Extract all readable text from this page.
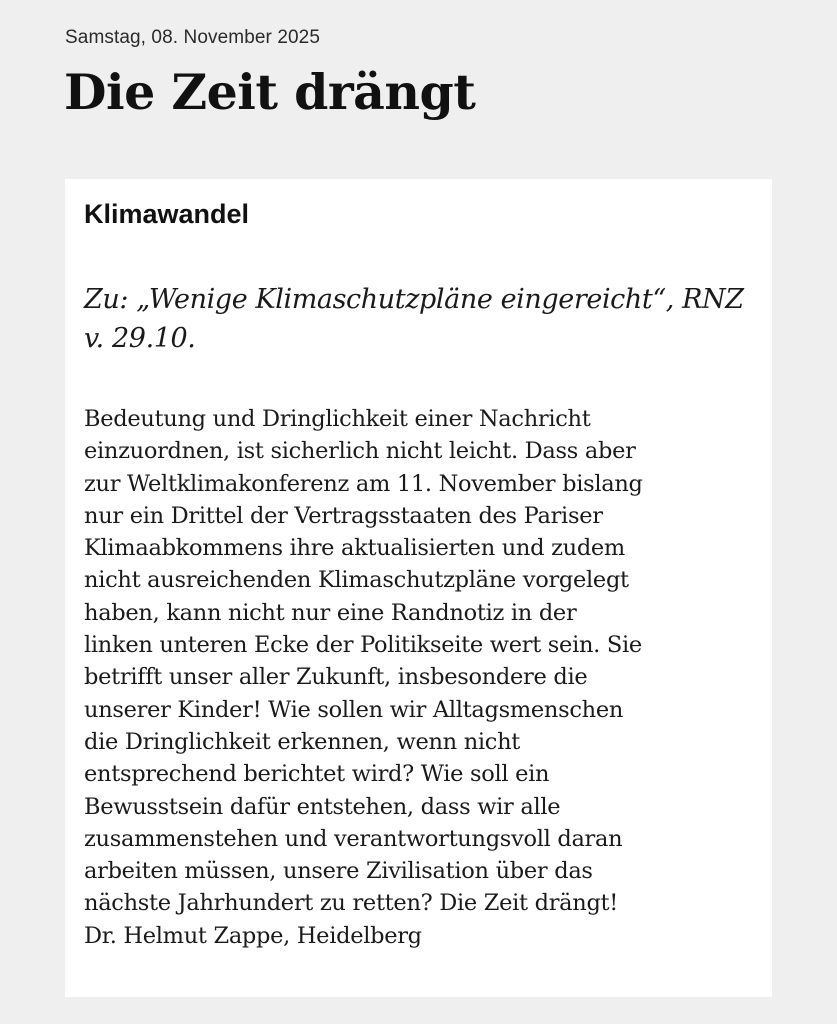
Samstag, 08. November 2025
Die Zeit drängt
Klimawandel

Zu: „Wenige Klimaschutzpläne eingereicht“, RNZ v. 29.10.

Bedeutung und Dringlichkeit einer Nachricht
einzuordnen, ist sicherlich nicht leicht. Dass aber
zur Weltklimakonferenz am 11. November bislang
nur ein Drittel der Vertragsstaaten des Pariser
Klimaabkommens ihre aktualisierten und zudem
nicht ausreichenden Klimaschutzpläne vorgelegt
haben, kann nicht nur eine Randnotiz in der
linken unteren Ecke der Politikseite wert sein. Sie
betrifft unser aller Zukunft, insbesondere die
unserer Kinder! Wie sollen wir Alltagsmenschen
die Dringlichkeit erkennen, wenn nicht
entsprechend berichtet wird? Wie soll ein
Bewusstsein dafür entstehen, dass wir alle
zusammenstehen und verantwortungsvoll daran
arbeiten müssen, unsere Zivilisation über das
nächste Jahrhundert zu retten? Die Zeit drängt!
Dr. Helmut Zappe, Heidelberg
